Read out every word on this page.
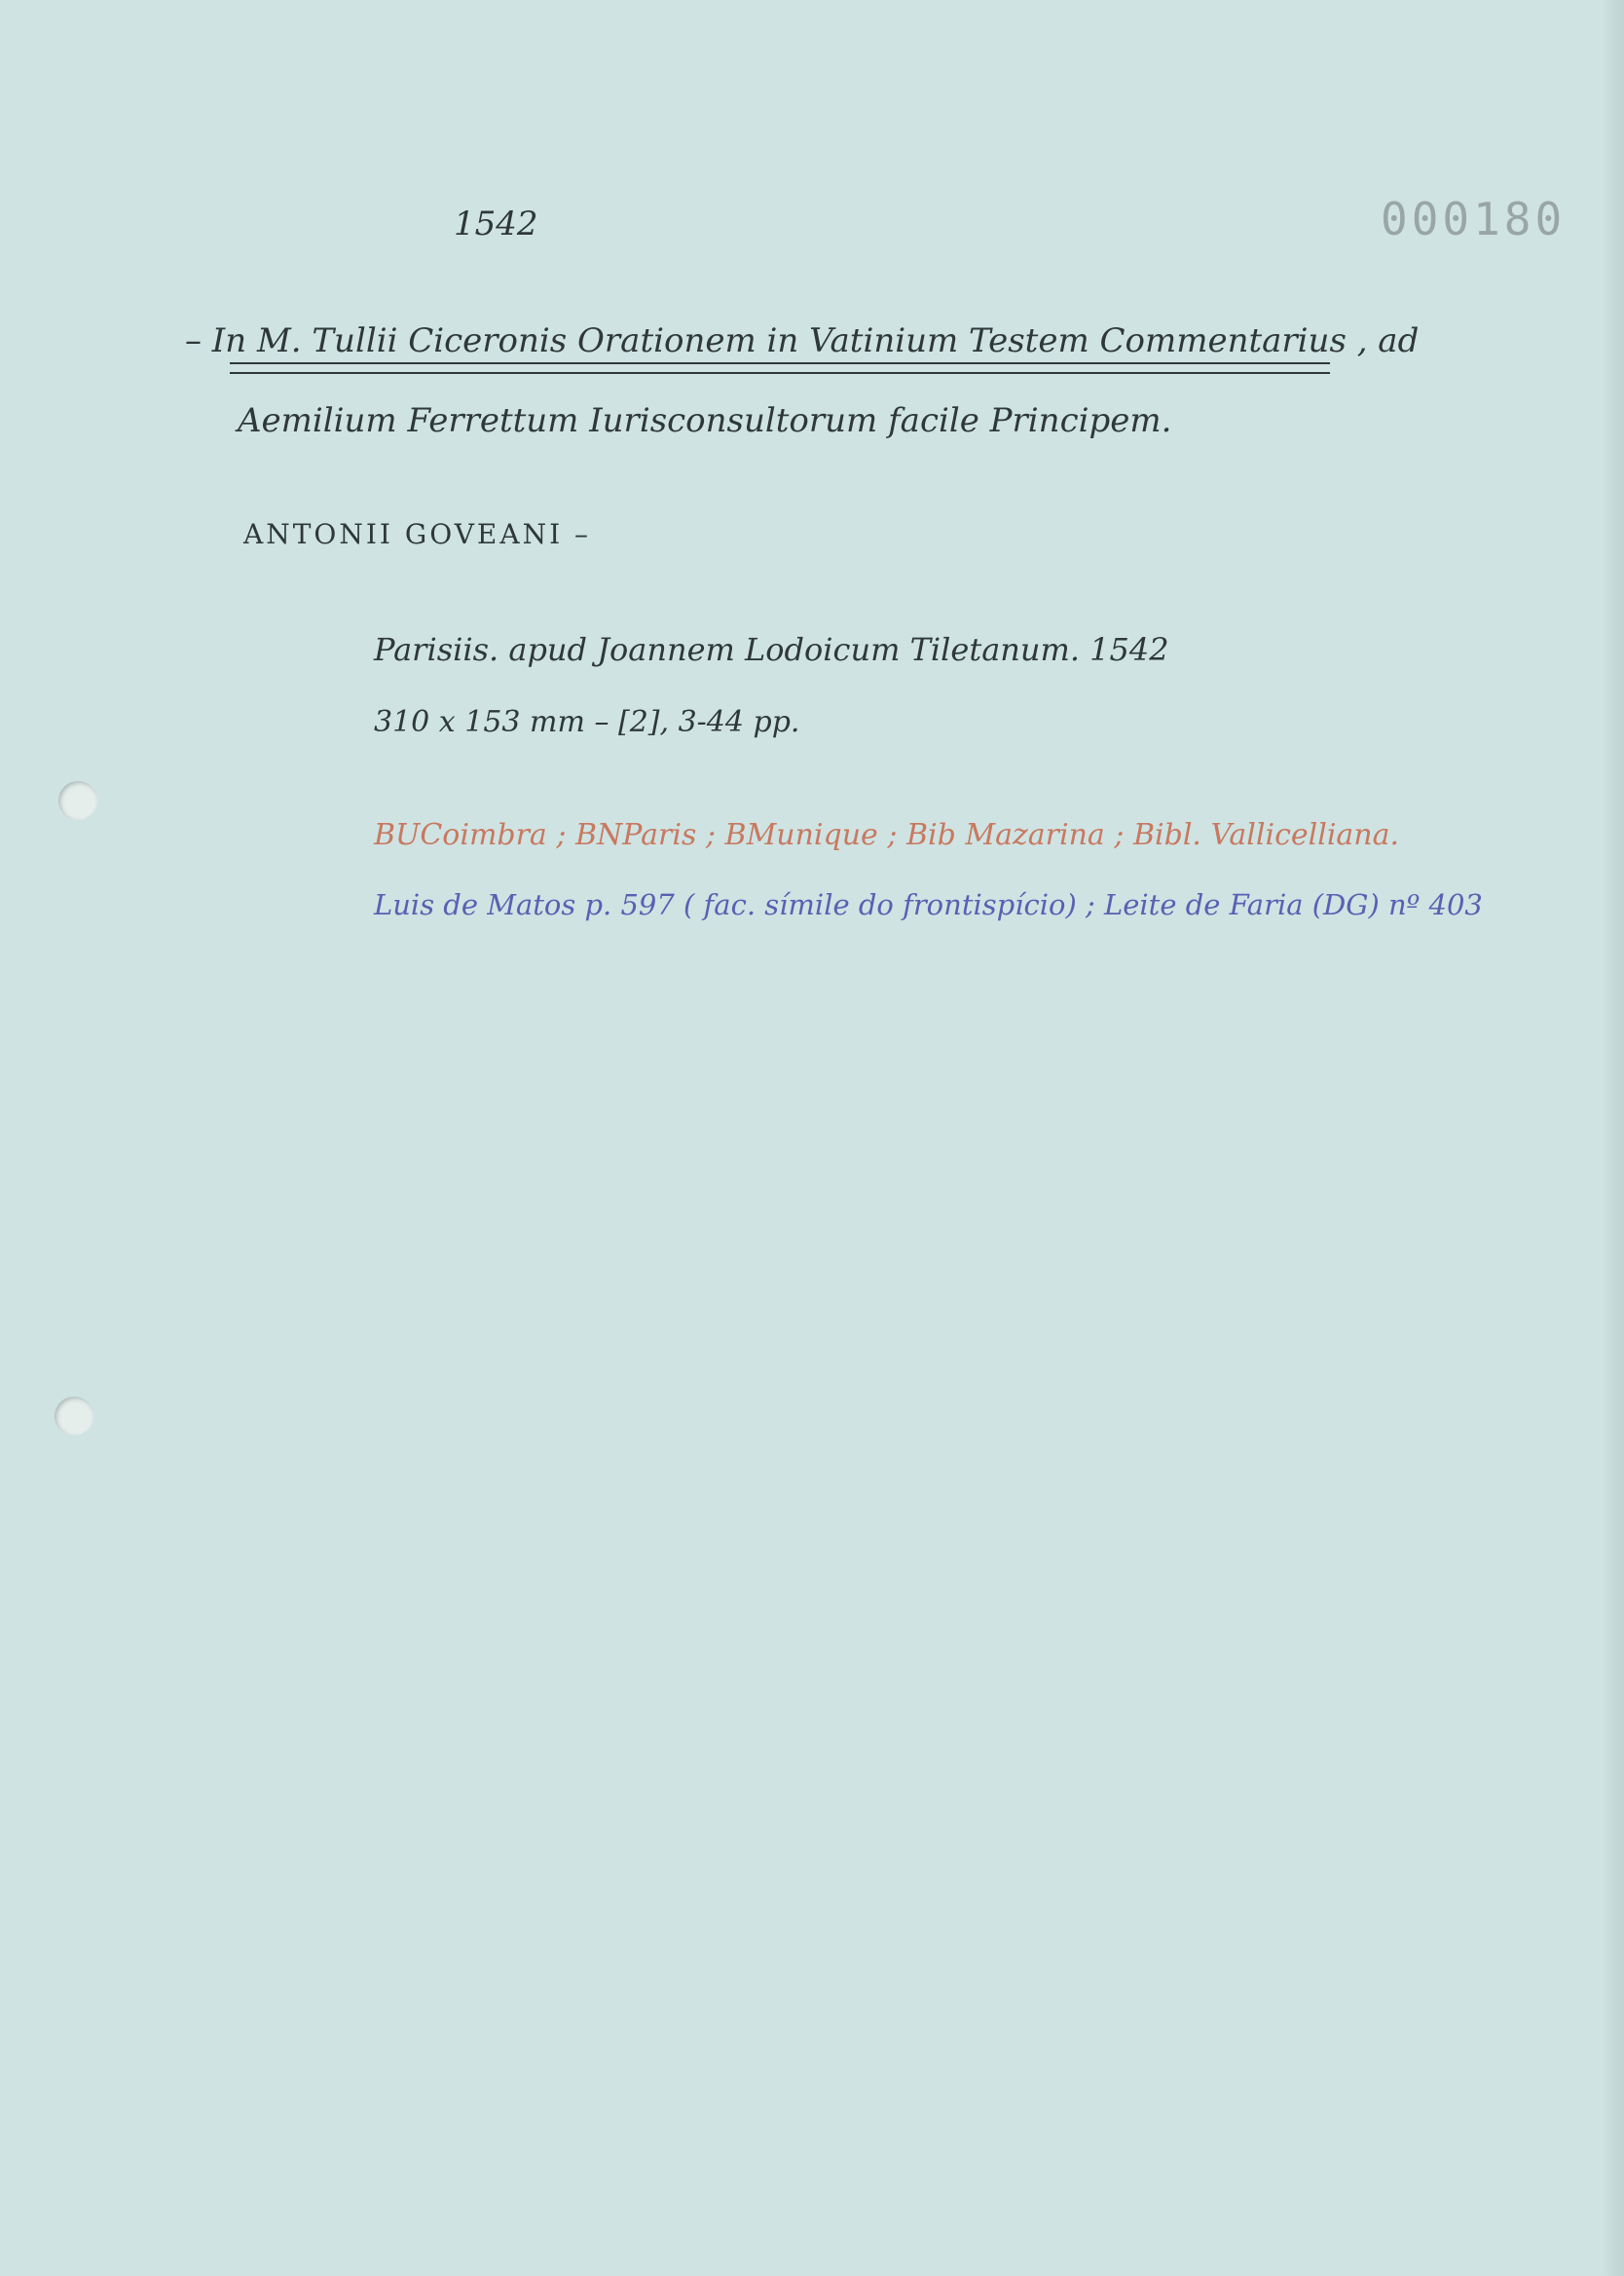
1542	000180
– In M. Tullii Ciceronis Orationem in Vatinium Testem Commentarius , ad
Aemilium Ferrettum Iurisconsultorum facile Principem.
ANTONII GOVEANI –
Parisiis. apud Joannem Lodoicum Tiletanum. 1542
310 x 153 mm – [2], 3-44 pp.
BUCoimbra ; BNParis ; BMunique ; Bib Mazarina ; Bibl. Vallicelliana.
Luis de Matos p. 597 ( fac. símile do frontispício) ; Leite de Faria (DG) nº 403
